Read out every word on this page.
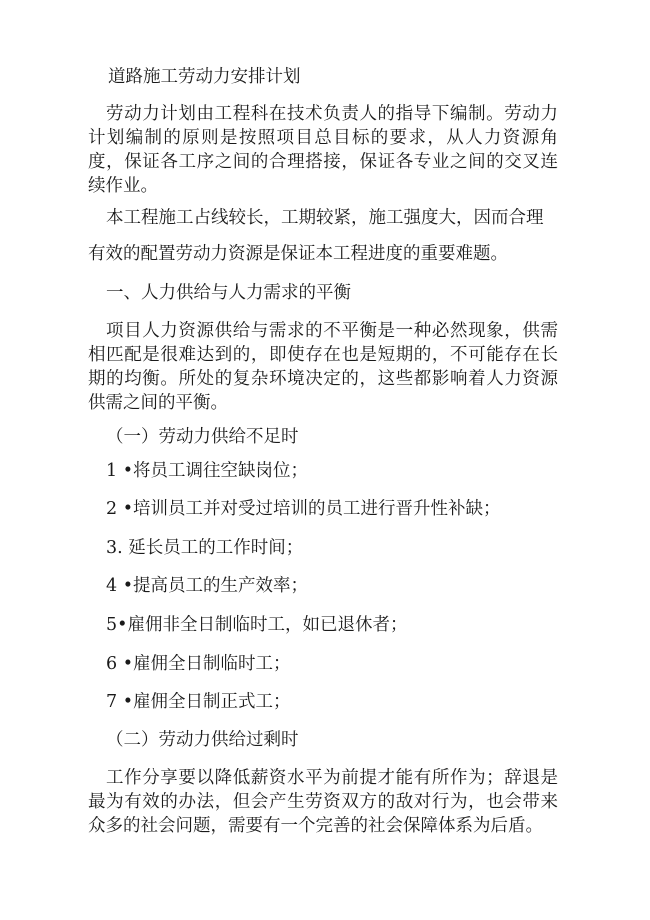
道路施工劳动力安排计划

劳动力计划由工程科在技术负责人的指导下编制。劳动力计划编制的原则是按照项目总目标的要求，从人力资源角度，保证各工序之间的合理搭接，保证各专业之间的交叉连续作业。

本工程施工占线较长，工期较紧，施工强度大，因而合理

有效的配置劳动力资源是保证本工程进度的重要难题。

一、人力供给与人力需求的平衡

项目人力资源供给与需求的不平衡是一种必然现象，供需相匹配是很难达到的，即使存在也是短期的，不可能存在长期的均衡。所处的复杂环境决定的，这些都影响着人力资源供需之间的平衡。

（一）劳动力供给不足时

1 •将员工调往空缺岗位；

2 •培训员工并对受过培训的员工进行晋升性补缺；

3. 延长员工的工作时间；

4 •提高员工的生产效率；

5•雇佣非全日制临时工，如已退休者；

6 •雇佣全日制临时工；

7 •雇佣全日制正式工；

（二）劳动力供给过剩时

工作分享要以降低薪资水平为前提才能有所作为；辞退是最为有效的办法，但会产生劳资双方的敌对行为，也会带来众多的社会问题，需要有一个完善的社会保障体系为后盾。
